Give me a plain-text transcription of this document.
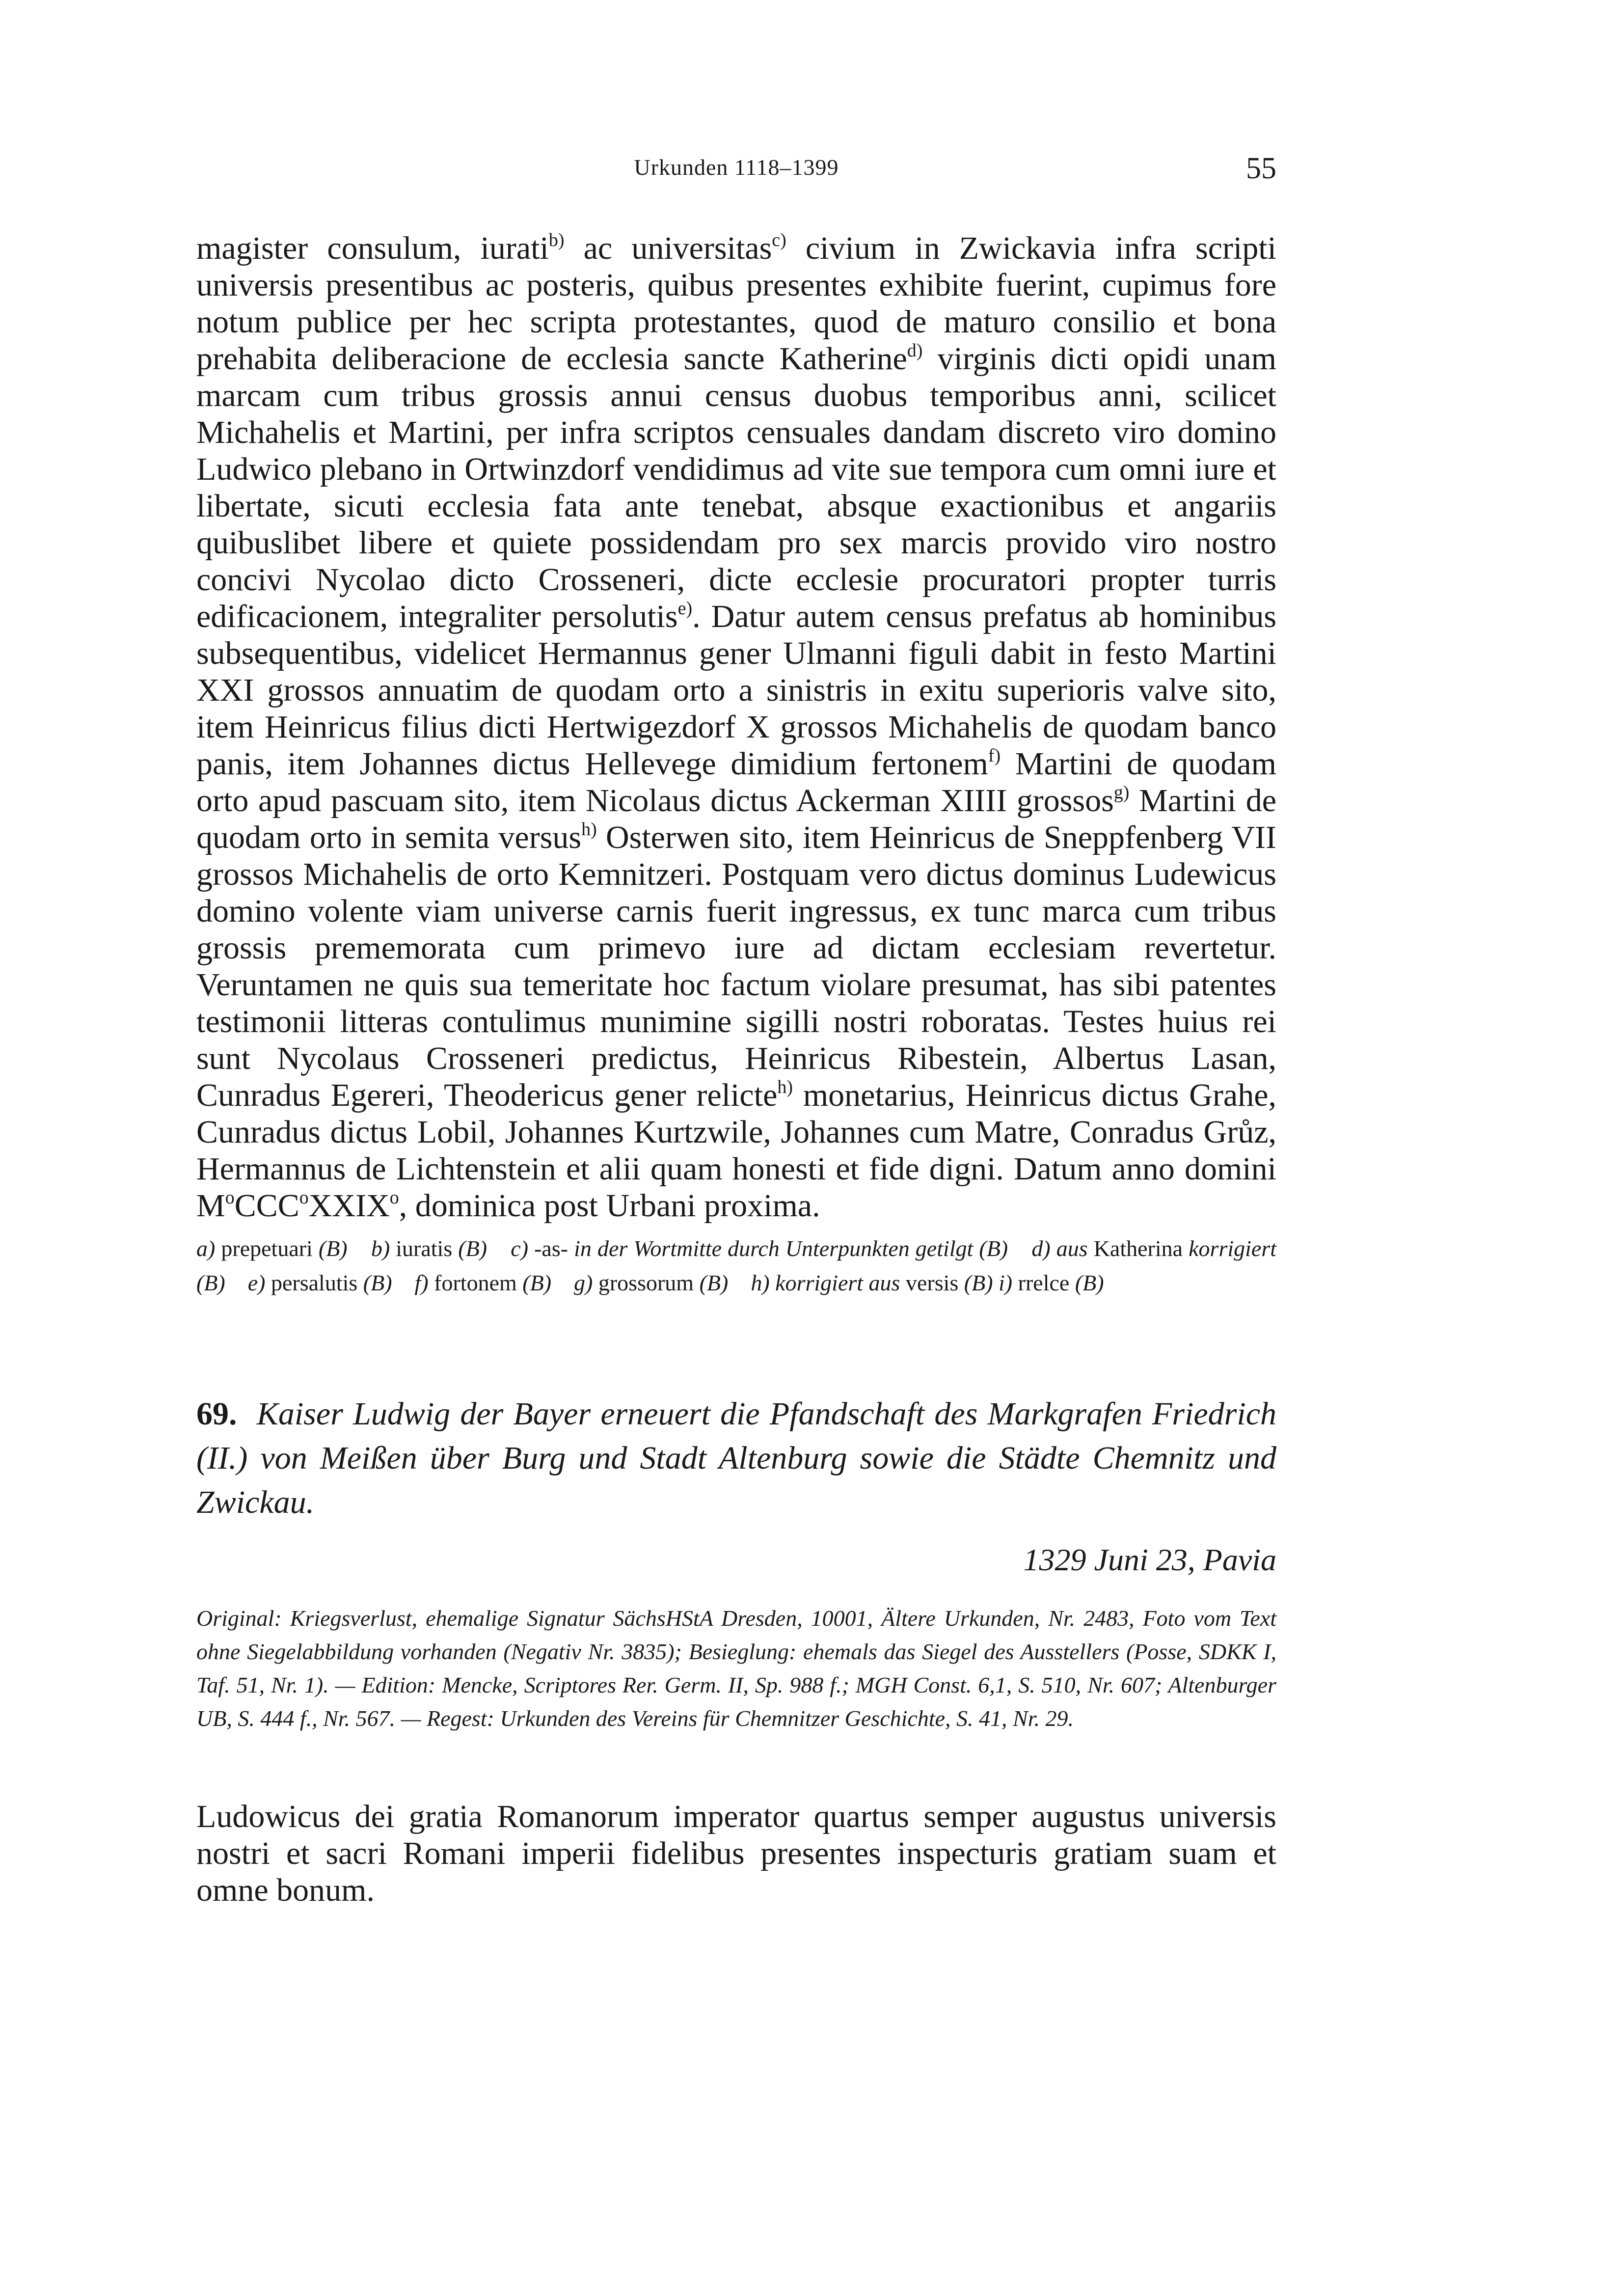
Urkunden 1118–1399	55
magister consulum, iurati$^{b)}$ ac universitas$^{c)}$ civium in Zwickavia infra scripti universis presentibus ac posteris, quibus presentes exhibite fuerint, cupimus fore notum publice per hec scripta protestantes, quod de maturo consilio et bona prehabita deliberacione de ecclesia sancte Katherine$^{d)}$ virginis dicti opidi unam marcam cum tribus grossis annui census duobus temporibus anni, scilicet Michahelis et Martini, per infra scriptos censuales dandam discreto viro domino Ludwico plebano in Ortwinzdorf vendidimus ad vite sue tempora cum omni iure et libertate, sicuti ecclesia fata ante tenebat, absque exactionibus et angariis quibuslibet libere et quiete possidendam pro sex marcis provido viro nostro concivi Nycolao dicto Crosseneri, dicte ecclesie procuratori propter turris edificacionem, integraliter persolutis$^{e)}$. Datur autem census prefatus ab hominibus subsequentibus, videlicet Hermannus gener Ulmanni figuli dabit in festo Martini XXI grossos annuatim de quodam orto a sinistris in exitu superioris valve sito, item Heinricus filius dicti Hertwigezdorf X grossos Michahelis de quodam banco panis, item Johannes dictus Hellevege dimidium fertonem$^{f)}$ Martini de quodam orto apud pascuam sito, item Nicolaus dictus Ackerman XIIII grossos$^{g)}$ Martini de quodam orto in semita versus$^{h)}$ Osterwen sito, item Heinricus de Sneppfenberg VII grossos Michahelis de orto Kemnitzeri. Postquam vero dictus dominus Ludewicus domino volente viam universe carnis fuerit ingressus, ex tunc marca cum tribus grossis prememorata cum primevo iure ad dictam ecclesiam revertetur. Veruntamen ne quis sua temeritate hoc factum violare presumat, has sibi patentes testimonii litteras contulimus munimine sigilli nostri roboratas. Testes huius rei sunt Nycolaus Crosseneri predictus, Heinricus Ribestein, Albertus Lasan, Cunradus Egereri, Theodericus gener relicte$^{h)}$ monetarius, Heinricus dictus Grahe, Cunradus dictus Lobil, Johannes Kurtzwile, Johannes cum Matre, Conradus Grůz, Hermannus de Lichtenstein et alii quam honesti et fide digni. Datum anno domini $M^oCCC^oXXIX^o$, dominica post Urbani proxima.
a) prepetuari (B) b) iuratis (B) c) -as- in der Wortmitte durch Unterpunkten getilgt (B) d) aus Katherina korrigiert (B) e) persalutis (B) f) fortonem (B) g) grossorum (B) h) korrigiert aus versis (B) i) rrelce (B)
69. Kaiser Ludwig der Bayer erneuert die Pfandschaft des Markgrafen Friedrich (II.) von Meißen über Burg und Stadt Altenburg sowie die Städte Chemnitz und Zwickau.
1329 Juni 23, Pavia
Original: Kriegsverlust, ehemalige Signatur SächsHStA Dresden, 10001, Ältere Urkunden, Nr. 2483, Foto vom Text ohne Siegelabbildung vorhanden (Negativ Nr. 3835); Besieglung: ehemals das Siegel des Ausstellers (Posse, SDKK I, Taf. 51, Nr. 1). — Edition: Mencke, Scriptores Rer. Germ. II, Sp. 988 f.; MGH Const. 6,1, S. 510, Nr. 607; Altenburger UB, S. 444 f., Nr. 567. — Regest: Urkunden des Vereins für Chemnitzer Geschichte, S. 41, Nr. 29.
Ludowicus dei gratia Romanorum imperator quartus semper augustus universis nostri et sacri Romani imperii fidelibus presentes inspecturis gratiam suam et omne bonum.
